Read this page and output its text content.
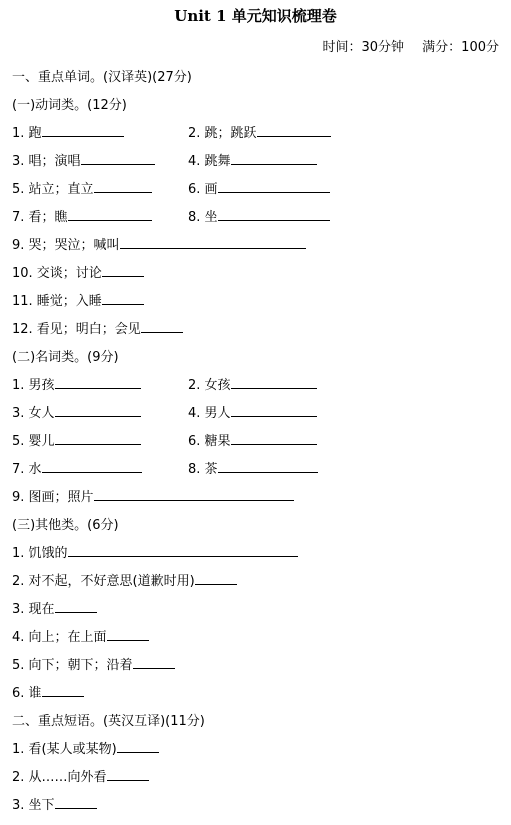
Unit 1 单元知识梳理卷
时间：30分钟 满分：100分
一、重点单词。(汉译英)(27分)
(一)动词类。(12分)
1. 跑	2. 跳；跳跃
3. 唱；演唱	4. 跳舞
5. 站立；直立	6. 画
7. 看；瞧	8. 坐
9. 哭；哭泣；喊叫
10. 交谈；讨论
11. 睡觉；入睡
12. 看见；明白；会见
(二)名词类。(9分)
1. 男孩	2. 女孩
3. 女人	4. 男人
5. 婴儿	6. 糖果
7. 水	8. 茶
9. 图画；照片
(三)其他类。(6分)
1. 饥饿的
2. 对不起，不好意思(道歉时用)
3. 现在
4. 向上；在上面
5. 向下；朝下；沿着
6. 谁
二、重点短语。(英汉互译)(11分)
1. 看(某人或某物)
2. 从……向外看
3. 坐下
